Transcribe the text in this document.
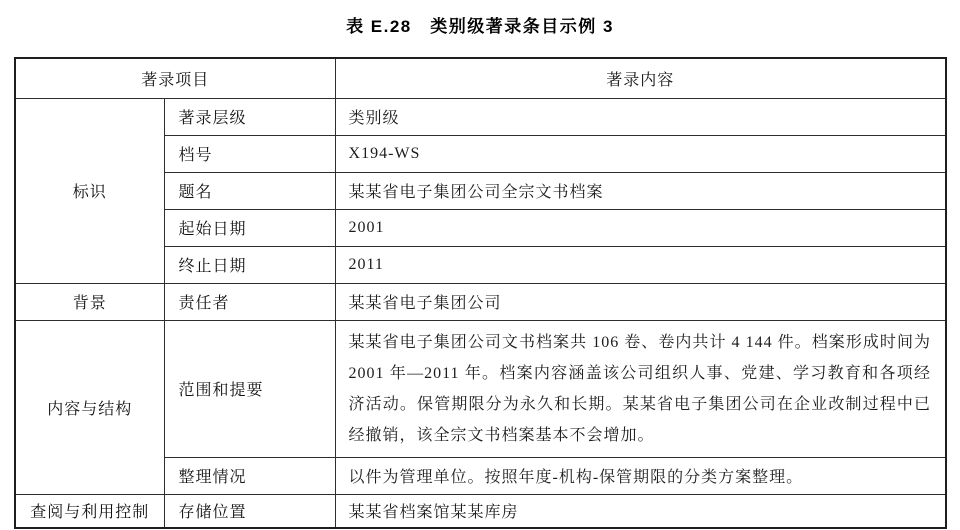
表 E.28　类别级著录条目示例 3
著录项目		著录内容
标识	著录层级	类别级
	档号	X194-WS
	题名	某某省电子集团公司全宗文书档案
	起始日期	2001
	终止日期	2011
背景	责任者	某某省电子集团公司
内容与结构	范围和提要	某某省电子集团公司文书档案共 106 卷、卷内共计 4 144 件。档案形成时间为 2001 年—2011 年。档案内容涵盖该公司组织人事、党建、学习教育和各项经济活动。保管期限分为永久和长期。某某省电子集团公司在企业改制过程中已经撤销，该全宗文书档案基本不会增加。
	整理情况	以件为管理单位。按照年度-机构-保管期限的分类方案整理。
查阅与利用控制	存储位置	某某省档案馆某某库房
